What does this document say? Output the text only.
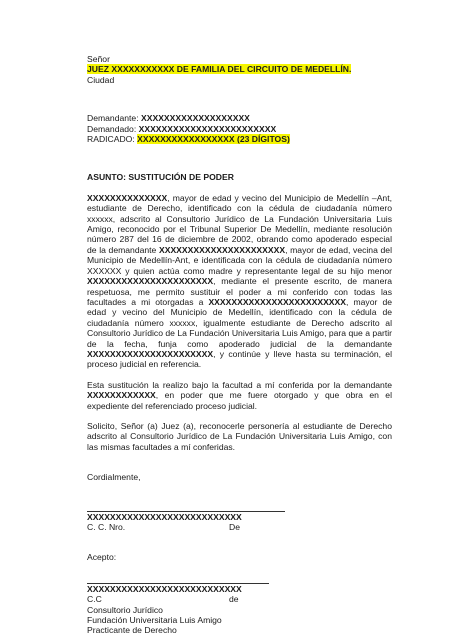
Señor
JUEZ XXXXXXXXXXX DE FAMILIA DEL CIRCUITO DE MEDELLÍN.
Ciudad
Demandante: XXXXXXXXXXXXXXXXXXX
Demandado: XXXXXXXXXXXXXXXXXXXXXXXX
RADICADO: XXXXXXXXXXXXXXXXX (23 DÍGITOS)
ASUNTO: SUSTITUCIÓN DE PODER
XXXXXXXXXXXXXX, mayor de edad y vecino del Municipio de Medellín –Ant, estudiante de Derecho, identificado con la cédula de ciudadanía número xxxxxx, adscrito al Consultorio Jurídico de La Fundación Universitaria Luis Amigo, reconocido por el Tribunal Superior De Medellín, mediante resolución número 287 del 16 de diciembre de 2002, obrando como apoderado especial de la demandante XXXXXXXXXXXXXXXXXXXXXX, mayor de edad, vecina del Municipio de Medellín-Ant, e identificada con la cédula de ciudadanía número XXXXXX y quien actúa como madre y representante legal de su hijo menor XXXXXXXXXXXXXXXXXXXXXX, mediante el presente escrito, de manera respetuosa, me permito sustituir el poder a mi conferido con todas las facultades a mi otorgadas a XXXXXXXXXXXXXXXXXXXXXXXX, mayor de edad y vecino del Municipio de Medellín, identificado con la cédula de ciudadanía número xxxxxx, igualmente estudiante de Derecho adscrito al Consultorio Jurídico de La Fundación Universitaria Luis Amigo, para que a partir de la fecha, funja como apoderado judicial de la demandante XXXXXXXXXXXXXXXXXXXXXX, y continúe y lleve hasta su terminación, el proceso judicial en referencia.
Esta sustitución la realizo bajo la facultad a mí conferida por la demandante XXXXXXXXXXXX, en poder que me fuere otorgado y que obra en el expediente del referenciado proceso judicial.
Solicito, Señor (a) Juez (a), reconocerle personería al estudiante de Derecho adscrito al Consultorio Jurídico de La Fundación Universitaria Luis Amigo, con las mismas facultades a mí conferidas.
Cordialmente,
XXXXXXXXXXXXXXXXXXXXXXXXXXX
C. C. Nro.	De
Acepto:
XXXXXXXXXXXXXXXXXXXXXXXXXXX
C.C	de
Consultorio Jurídico
Fundación Universitaria Luis Amigo
Practicante de Derecho
